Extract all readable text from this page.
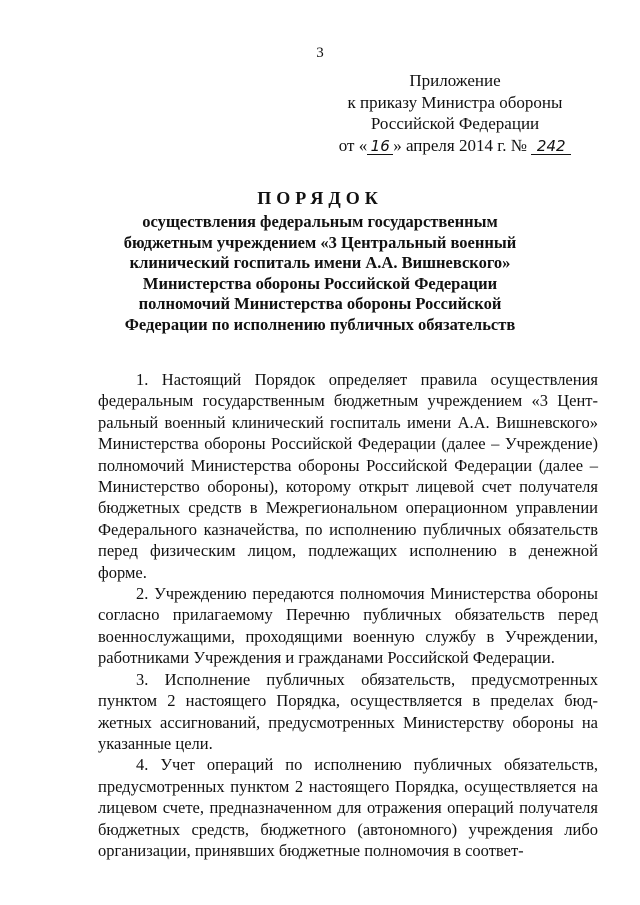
3
Приложение
к приказу Министра обороны
Российской Федерации
от « 16 » апреля 2014 г. № 242
ПОРЯДОК
осуществления федеральным государственным
бюджетным учреждением «3 Центральный военный
клинический госпиталь имени А.А. Вишневского»
Министерства обороны Российской Федерации
полномочий Министерства обороны Российской
Федерации по исполнению публичных обязательств

1. Настоящий Порядок определяет правила осуществления федеральным государственным бюджетным учреждением «3 Центральный военный клинический госпиталь имени А.А. Вишневского» Министерства обороны Российской Федерации (далее – Учреждение) полномочий Министерства обороны Российской Федерации (далее – Министерство обороны), которому открыт лицевой счет получателя бюджетных средств в Межрегиональном операционном управлении Федерального казначейства, по исполнению публичных обязательств перед физическим лицом, подлежащих исполнению в денежной форме.

2. Учреждению передаются полномочия Министерства обороны согласно прилагаемому Перечню публичных обязательств перед военнослужащими, проходящими военную службу в Учреждении, работниками Учреждения и гражданами Российской Федерации.

3. Исполнение публичных обязательств, предусмотренных пунктом 2 настоящего Порядка, осуществляется в пределах бюджетных ассигнований, предусмотренных Министерству обороны на указанные цели.

4. Учет операций по исполнению публичных обязательств, предусмотренных пунктом 2 настоящего Порядка, осуществляется на лицевом счете, предназначенном для отражения операций получателя бюджетных средств, бюджетного (автономного) учреждения либо организации, принявших бюджетные полномочия в соответ-
